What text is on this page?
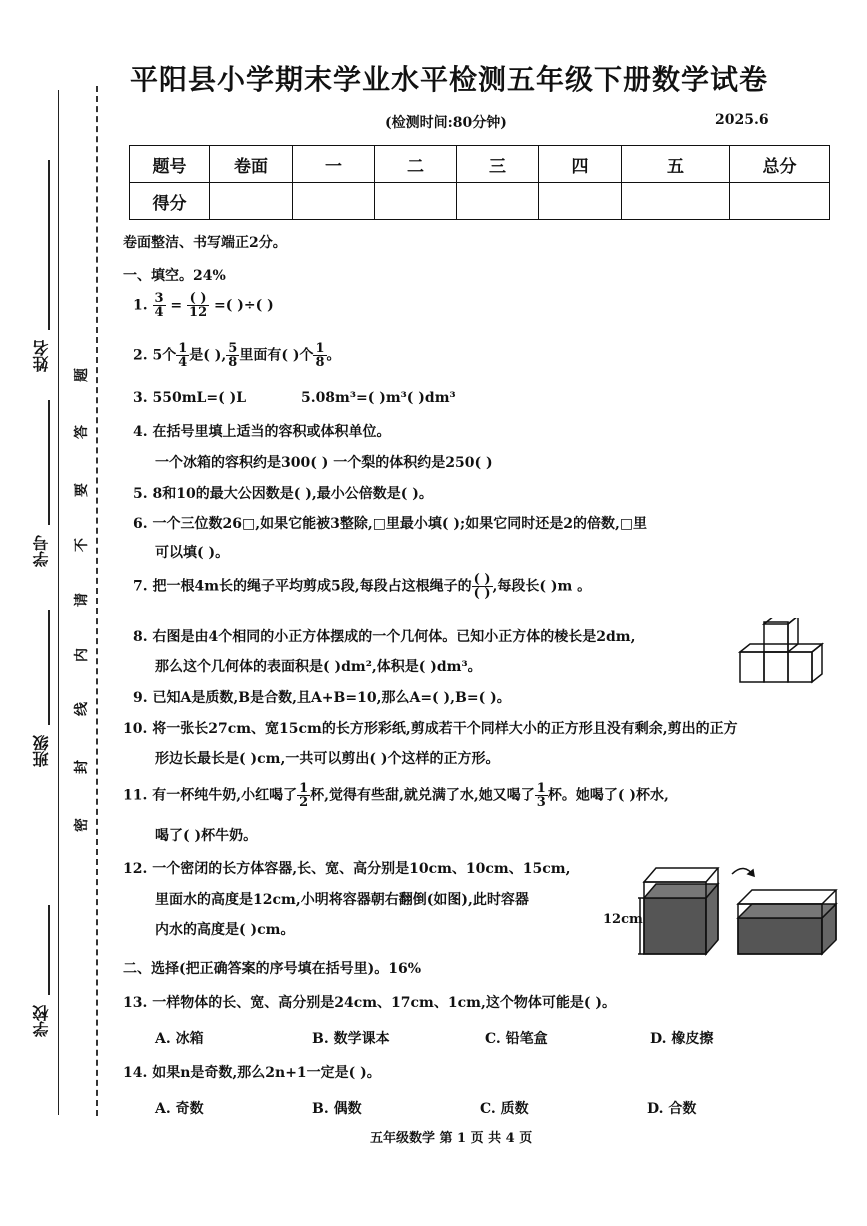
学校
班级
学号
姓名
密
封
线
内
请
不
要
答
题
平阳县小学期末学业水平检测五年级下册数学试卷
(检测时间:80分钟)	2025.6
题号	卷面	一	二	三	四	五	总分
得分							
卷面整洁、书写端正2分。
一、填空。24%
1. $\frac{3}{4} = \frac{( )}{12}$ =( )÷( )
2. 5个 $\frac{1}{4}$ 是( ), $\frac{5}{8}$ 里面有( )个 $\frac{1}{8}$ 。
3. 550mL=( )L	5.08m³=( )m³( )dm³
4. 在括号里填上适当的容积或体积单位。
一个冰箱的容积约是300( ) 一个梨的体积约是250( )
5. 8和10的最大公因数是( ),最小公倍数是( )。
6. 一个三位数26□,如果它能被3整除,□里最小填( );如果它同时还是2的倍数,□里
可以填( )。
7. 把一根4m长的绳子平均剪成5段,每段占这根绳子的 $\frac{( )}{( )}$ ,每段长( )m 。
8. 右图是由4个相同的小正方体摆成的一个几何体。已知小正方体的棱长是2dm,
那么这个几何体的表面积是( )dm²,体积是( )dm³。
9. 已知A是质数,B是合数,且A+B=10,那么A=( ),B=( )。
10. 将一张长27cm、宽15cm的长方形彩纸,剪成若干个同样大小的正方形且没有剩余,剪出的正方
形边长最长是( )cm,一共可以剪出( )个这样的正方形。
11. 有一杯纯牛奶,小红喝了 $\frac{1}{2}$ 杯,觉得有些甜,就兑满了水,她又喝了 $\frac{1}{3}$ 杯。她喝了( )杯水,
喝了( )杯牛奶。
12. 一个密闭的长方体容器,长、宽、高分别是10cm、10cm、15cm,
里面水的高度是12cm,小明将容器朝右翻倒(如图),此时容器
内水的高度是( )cm。
12cm
二、选择(把正确答案的序号填在括号里)。16%
13. 一样物体的长、宽、高分别是24cm、17cm、1cm,这个物体可能是( )。
A. 冰箱	B. 数学课本	C. 铅笔盒	D. 橡皮擦
14. 如果n是奇数,那么2n+1一定是( )。
A. 奇数	B. 偶数	C. 质数	D. 合数
五年级数学 第 1 页 共 4 页
